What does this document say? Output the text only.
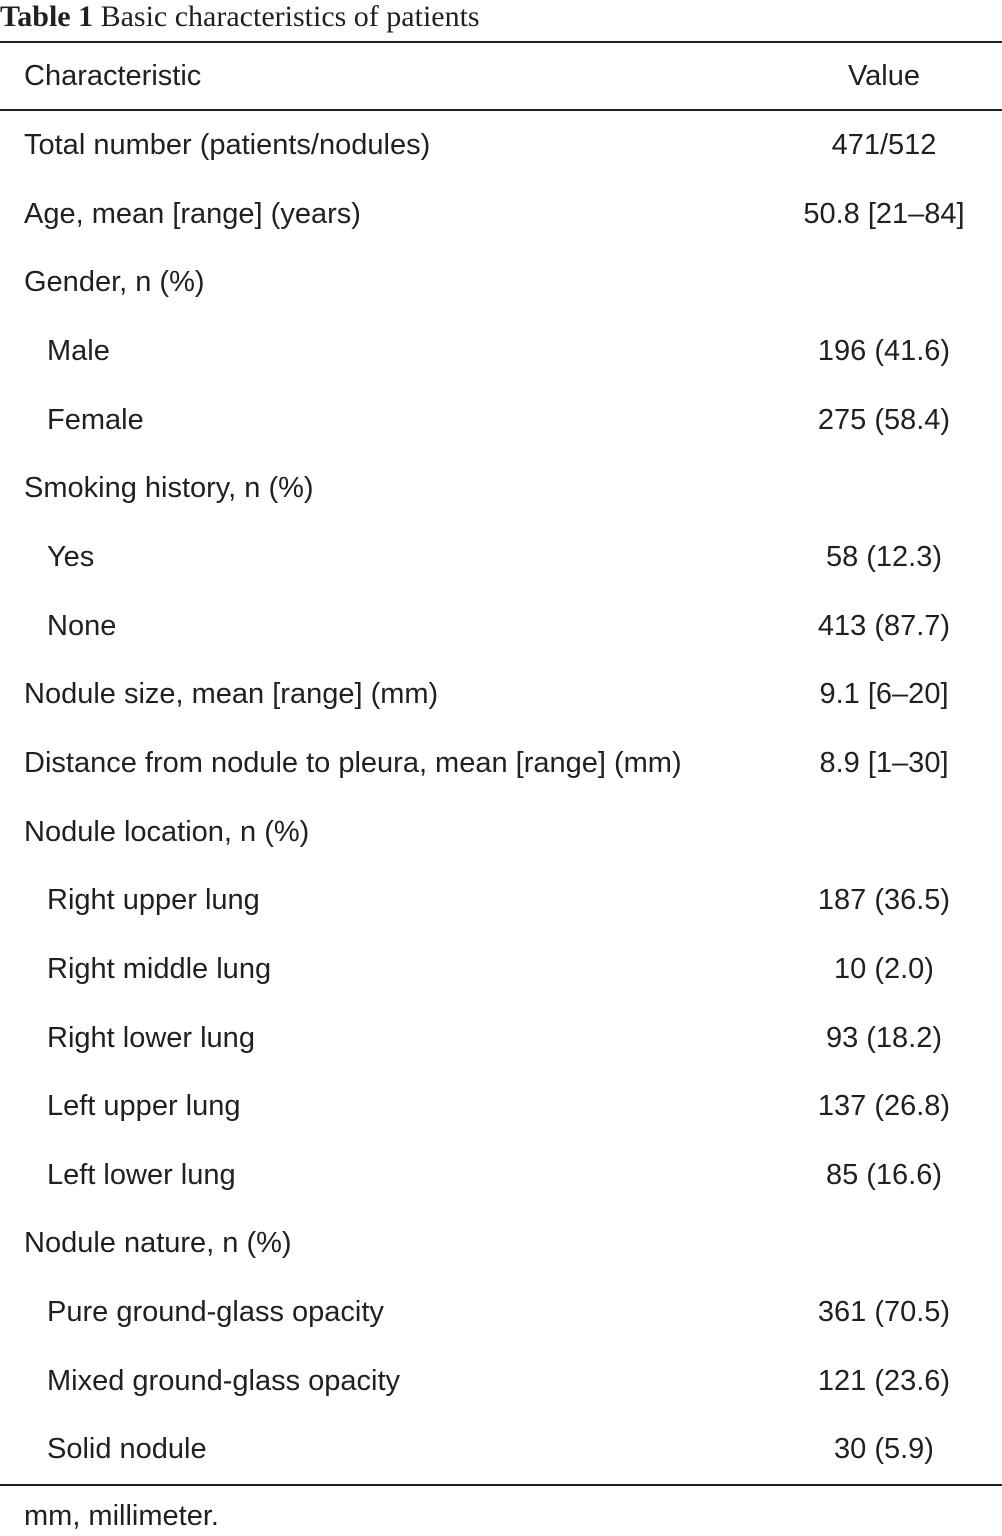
Table 1 Basic characteristics of patients
Characteristic	Value
Total number (patients/nodules)	471/512
Age, mean [range] (years)	50.8 [21–84]
Gender, n (%)
Male	196 (41.6)
Female	275 (58.4)
Smoking history, n (%)
Yes	58 (12.3)
None	413 (87.7)
Nodule size, mean [range] (mm)	9.1 [6–20]
Distance from nodule to pleura, mean [range] (mm)	8.9 [1–30]
Nodule location, n (%)
Right upper lung	187 (36.5)
Right middle lung	10 (2.0)
Right lower lung	93 (18.2)
Left upper lung	137 (26.8)
Left lower lung	85 (16.6)
Nodule nature, n (%)
Pure ground-glass opacity	361 (70.5)
Mixed ground-glass opacity	121 (23.6)
Solid nodule	30 (5.9)
mm, millimeter.
